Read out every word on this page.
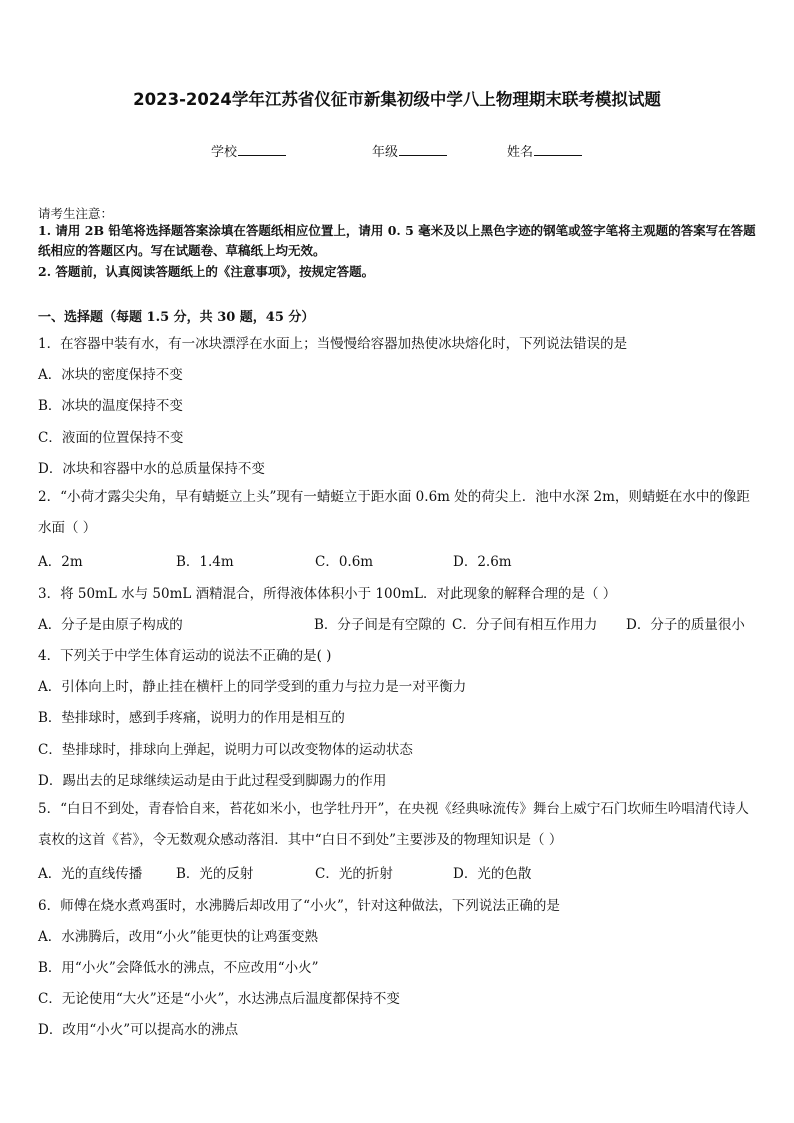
2023-2024学年江苏省仪征市新集初级中学八上物理期末联考模拟试题
学校	年级	姓名
请考生注意：
1. 请用 2B 铅笔将选择题答案涂填在答题纸相应位置上，请用 0. 5 毫米及以上黑色字迹的钢笔或签字笔将主观题的答案写在答题纸相应的答题区内。写在试题卷、草稿纸上均无效。
2. 答题前，认真阅读答题纸上的《注意事项》，按规定答题。
一、选择题（每题 1.5 分，共 30 题，45 分）
1．在容器中装有水，有一冰块漂浮在水面上；当慢慢给容器加热使冰块熔化时，下列说法错误的是
A．冰块的密度保持不变
B．冰块的温度保持不变
C．液面的位置保持不变
D．冰块和容器中水的总质量保持不变
2．“小荷才露尖尖角，早有蜻蜓立上头”现有一蜻蜓立于距水面 0.6m 处的荷尖上．池中水深 2m，则蜻蜓在水中的像距水面（ ）
A．2m	B．1.4m	C．0.6m	D．2.6m
3．将 50mL 水与 50mL 酒精混合，所得液体体积小于 100mL．对此现象的解释合理的是（ ）
A．分子是由原子构成的	B．分子间是有空隙的 C．分子间有相互作用力 D．分子的质量很小
4．下列关于中学生体育运动的说法不正确的是( )
A．引体向上时，静止挂在横杆上的同学受到的重力与拉力是一对平衡力
B．垫排球时，感到手疼痛，说明力的作用是相互的
C．垫排球时，排球向上弹起，说明力可以改变物体的运动状态
D．踢出去的足球继续运动是由于此过程受到脚踢力的作用
5．“白日不到处，青春恰自来，苔花如米小，也学牡丹开”，在央视《经典咏流传》舞台上威宁石门坎师生吟唱清代诗人袁枚的这首《苔》，令无数观众感动落泪．其中“白日不到处”主要涉及的物理知识是（ ）
A．光的直线传播	B．光的反射	C．光的折射	D．光的色散
6．师傅在烧水煮鸡蛋时，水沸腾后却改用了“小火”，针对这种做法，下列说法正确的是
A．水沸腾后，改用“小火”能更快的让鸡蛋变熟
B．用“小火”会降低水的沸点，不应改用“小火”
C．无论使用“大火”还是“小火”，水达沸点后温度都保持不变
D．改用“小火”可以提高水的沸点
